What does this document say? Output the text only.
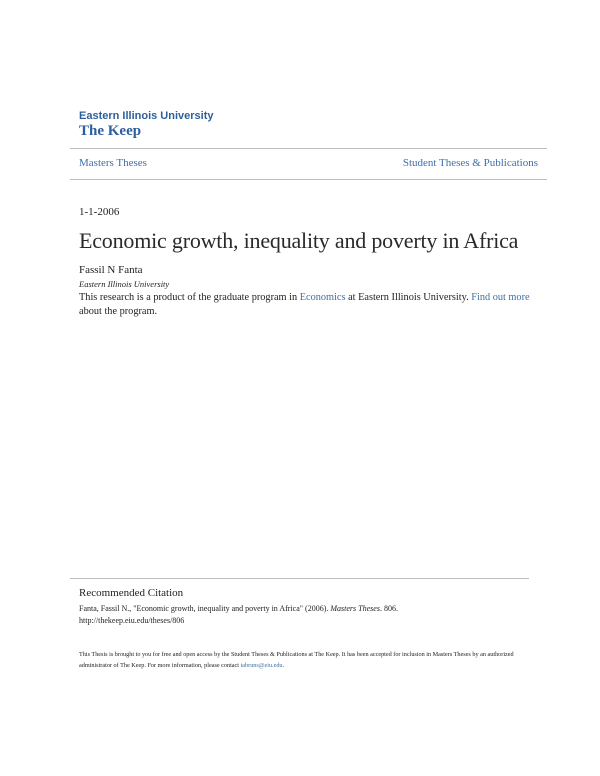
Eastern Illinois University
The Keep
Masters Theses	Student Theses & Publications
1-1-2006
Economic growth, inequality and poverty in Africa
Fassil N Fanta
Eastern Illinois University
This research is a product of the graduate program in Economics at Eastern Illinois University. Find out more about the program.
Recommended Citation
Fanta, Fassil N., "Economic growth, inequality and poverty in Africa" (2006). Masters Theses. 806.
http://thekeep.eiu.edu/theses/806
This Thesis is brought to you for free and open access by the Student Theses & Publications at The Keep. It has been accepted for inclusion in Masters Theses by an authorized administrator of The Keep. For more information, please contact tabruns@eiu.edu.
